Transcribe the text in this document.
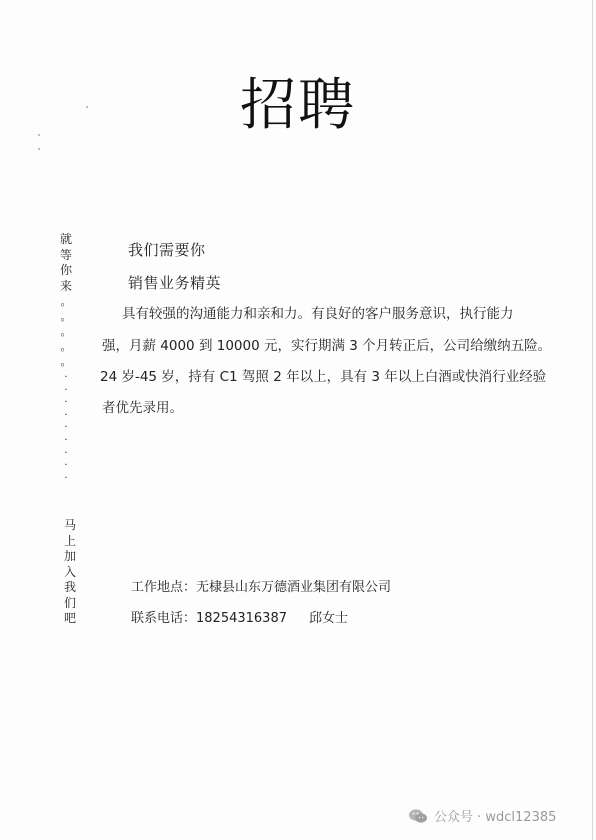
招聘
就
等
你
来
。
。
。
。
。
.
.
.
.
.
.
.
.
.
马
上
加
入
我
们
吧
我们需要你
销售业务精英
具有较强的沟通能力和亲和力。有良好的客户服务意识，执行能力
强，月薪 4000 到 10000 元，实行期满 3 个月转正后，公司给缴纳五险。
24 岁-45 岁，持有 C1 驾照 2 年以上，具有 3 年以上白酒或快消行业经验
者优先录用。
工作地点：无棣县山东万德酒业集团有限公司
联系电话：18254316387 邱女士
公众号 · wdcl12385
